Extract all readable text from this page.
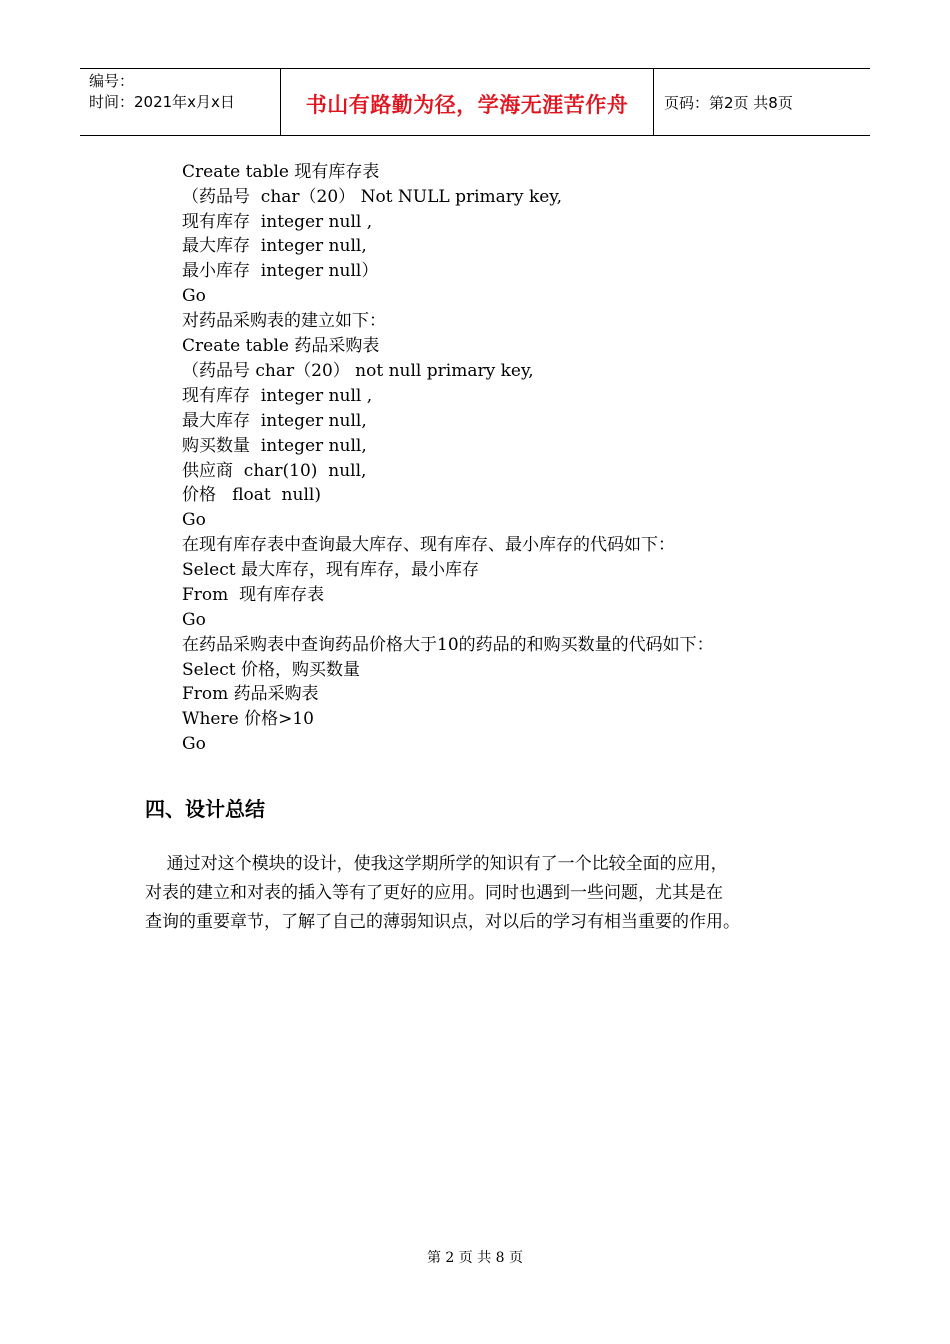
编号：
时间：2021年x月x日	书山有路勤为径，学海无涯苦作舟 页码：第2页 共8页
Create table 现有库存表
（药品号  char（20） Not NULL primary key,
现有库存  integer null ,
最大库存  integer null,
最小库存  integer null）
Go
对药品采购表的建立如下：
Create table 药品采购表
（药品号 char（20） not null primary key,
现有库存  integer null ,
最大库存  integer null,
购买数量  integer null,
供应商  char(10)  null,
价格   float  null)
Go
在现有库存表中查询最大库存、现有库存、最小库存的代码如下：
Select 最大库存，现有库存，最小库存
From  现有库存表
Go
在药品采购表中查询药品价格大于10的药品的和购买数量的代码如下：
Select 价格，购买数量
From 药品采购表
Where 价格>10
Go
四、设计总结

通过对这个模块的设计，使我这学期所学的知识有了一个比较全面的应用，

对表的建立和对表的插入等有了更好的应用。同时也遇到一些问题，尤其是在

查询的重要章节，了解了自己的薄弱知识点，对以后的学习有相当重要的作用。

第 2 页 共 8 页
